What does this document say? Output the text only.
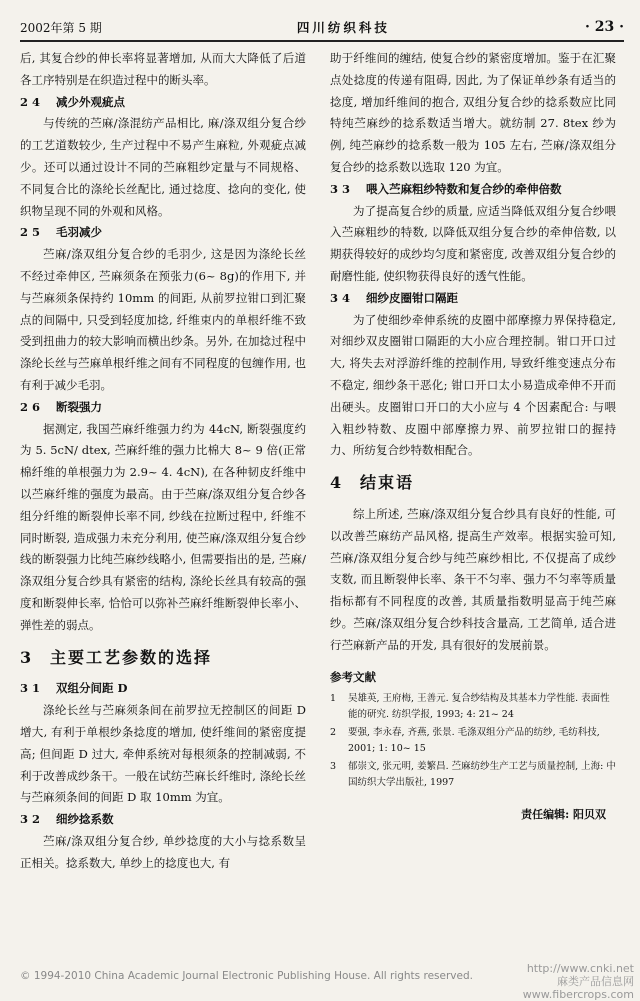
2002年第 5 期	四川纺织科技	· 23 ·

后, 其复合纱的伸长率将显著增加, 从而大大降低了后道各工序特别是在织造过程中的断头率。

2 4 减少外观疵点

与传统的苎麻/涤混纺产品相比, 麻/涤双组分复合纱的工艺道数较少, 生产过程中不易产生麻粒, 外观疵点减少。还可以通过设计不同的苎麻粗纱定量与不同规格、不同复合比的涤纶长丝配比, 通过捻度、捻向的变化, 使织物呈现不同的外观和风格。

2 5 毛羽减少

苎麻/涤双组分复合纱的毛羽少, 这是因为涤纶长丝不经过牵伸区, 苎麻须条在预张力(6~ 8g)的作用下, 并与苎麻须条保持约 10mm 的间距, 从前罗拉钳口到汇聚点的间隔中, 只受到轻度加捻, 纤维束内的单根纤维不致受到扭曲力的较大影响而横出纱条。另外, 在加捻过程中涤纶长丝与苎麻单根纤维之间有不同程度的包缠作用, 也有利于减少毛羽。

2 6 断裂强力

据测定, 我国苎麻纤维强力约为 44cN, 断裂强度约为 5. 5cN/ dtex, 苎麻纤维的强力比棉大 8~ 9 倍(正常棉纤维的单根强力为 2.9~ 4. 4cN), 在各种韧皮纤维中以苎麻纤维的强度为最高。由于苎麻/涤双组分复合纱各组分纤维的断裂伸长率不同, 纱线在拉断过程中, 纤维不同时断裂, 造成强力未充分利用, 使苎麻/涤双组分复合纱线的断裂强力比纯苎麻纱线略小, 但需要指出的是, 苎麻/涤双组分复合纱具有紧密的结构, 涤纶长丝具有较高的强度和断裂伸长率, 恰恰可以弥补苎麻纤维断裂伸长率小、弹性差的弱点。

3 主要工艺参数的选择
3 1 双组分间距 D

涤纶长丝与苎麻须条间在前罗拉无控制区的间距 D 增大, 有利于单根纱条捻度的增加, 使纤维间的紧密度提高; 但间距 D 过大, 牵伸系统对每根须条的控制减弱, 不利于改善成纱条干。一般在试纺苎麻长纤维时, 涤纶长丝与苎麻须条间的间距 D 取 10mm 为宜。

3 2 细纱捻系数

苎麻/涤双组分复合纱, 单纱捻度的大小与捻系数呈正相关。捻系数大, 单纱上的捻度也大, 有

助于纤维间的缠结, 使复合纱的紧密度增加。鉴于在汇聚点处捻度的传递有阻碍, 因此, 为了保证单纱条有适当的捻度, 增加纤维间的抱合, 双组分复合纱的捻系数应比同特纯苎麻纱的捻系数适当增大。就纺制 27. 8tex 纱为例, 纯苎麻纱的捻系数一般为 105 左右, 苎麻/涤双组分复合纱的捻系数以选取 120 为宜。

3 3 喂入苎麻粗纱特数和复合纱的牵伸倍数

为了提高复合纱的质量, 应适当降低双组分复合纱喂入苎麻粗纱的特数, 以降低双组分复合纱的牵伸倍数, 以期获得较好的成纱均匀度和紧密度, 改善双组分复合纱的耐磨性能, 使织物获得良好的透气性能。

3 4 细纱皮圈钳口隔距

为了使细纱牵伸系统的皮圈中部摩擦力界保持稳定, 对细纱双皮圈钳口隔距的大小应合理控制。钳口开口过大, 将失去对浮游纤维的控制作用, 导致纤维变速点分布不稳定, 细纱条干恶化; 钳口开口太小易造成牵伸不开而出硬头。皮圈钳口开口的大小应与 4 个因素配合: 与喂入粗纱特数、皮圈中部摩擦力界、前罗拉钳口的握持力、所纺复合纱特数相配合。

4 结束语

综上所述, 苎麻/涤双组分复合纱具有良好的性能, 可以改善苎麻纺产品风格, 提高生产效率。根据实验可知, 苎麻/涤双组分复合纱与纯苎麻纱相比, 不仅提高了成纱支数, 而且断裂伸长率、条干不匀率、强力不匀率等质量指标都有不同程度的改善, 其质量指数明显高于纯苎麻纱。苎麻/涤双组分复合纱科技含量高, 工艺简单, 适合进行苎麻新产品的开发, 具有很好的发展前景。

参考文献
1	吴雄英, 王府梅, 王善元. 复合纱结构及其基本力学性能. 表面性能的研究. 纺织学报, 1993; 4: 21~ 24
2	要强, 李永春, 齐燕, 张景. 毛涤双组分产品的纺纱, 毛纺科技, 2001; 1: 10~ 15
3	郁崇文, 张元明, 姜繁昌. 苎麻纺纱生产工艺与质量控制, 上海: 中国纺织大学出版社, 1997
责任编辑: 阳贝双
© 1994-2010 China Academic Journal Electronic Publishing House. All rights reserved.
http://www.cnki.net
麻类产品信息网
www.fibercrops.com
